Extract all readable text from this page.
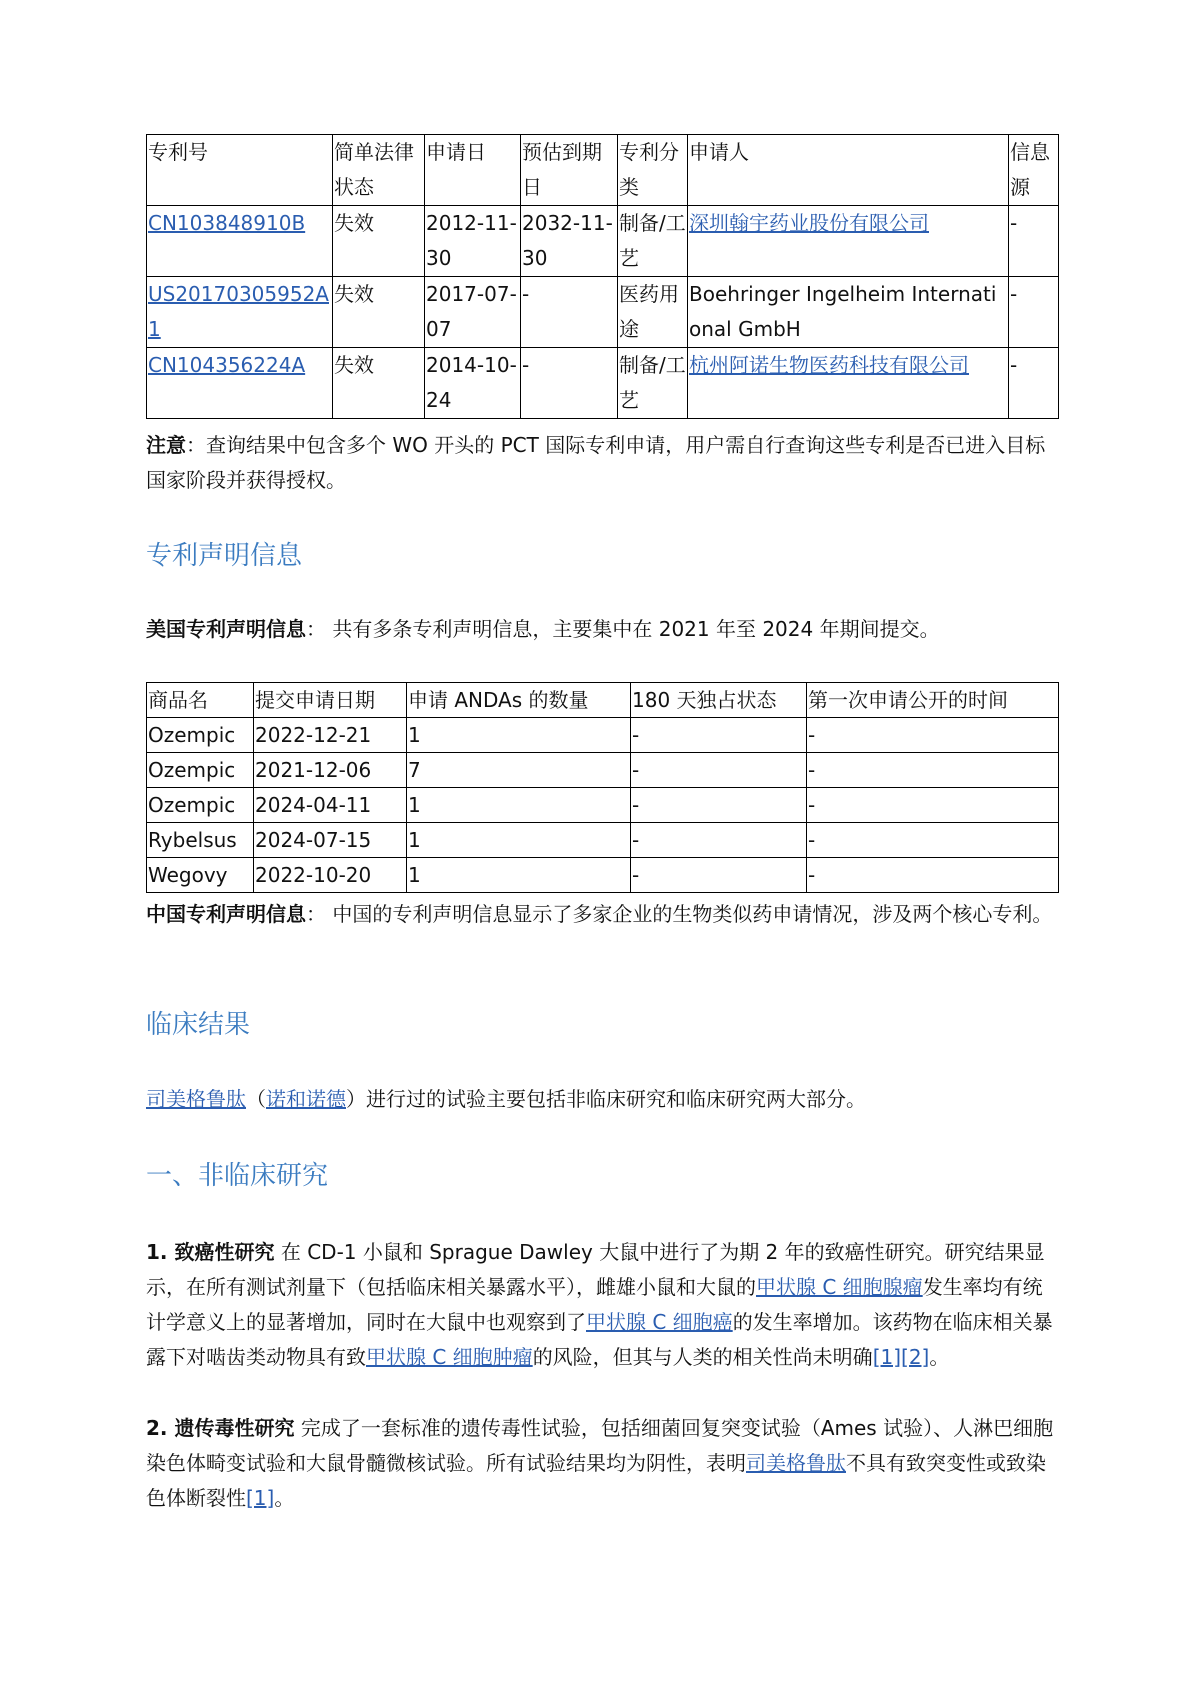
专利号	简单法律状态	申请日	预估到期日	专利分类	申请人	信息源
CN103848910B	失效	2012-11-30	2032-11-30	制备/工艺	深圳翰宇药业股份有限公司	-
US20170305952A1	失效	2017-07-07	-	医药用途	Boehringer Ingelheim International GmbH	-
CN104356224A	失效	2014-10-24	-	制备/工艺	杭州阿诺生物医药科技有限公司	-

注意：查询结果中包含多个 WO 开头的 PCT 国际专利申请，用户需自行查询这些专利是否已进入目标国家阶段并获得授权。

专利声明信息

美国专利声明信息： 共有多条专利声明信息，主要集中在 2021 年至 2024 年期间提交。

商品名	提交申请日期	申请 ANDAs 的数量	180 天独占状态	第一次申请公开的时间
Ozempic	2022-12-21	1	-	-
Ozempic	2021-12-06	7	-	-
Ozempic	2024-04-11	1	-	-
Rybelsus	2024-07-15	1	-	-
Wegovy	2022-10-20	1	-	-

中国专利声明信息： 中国的专利声明信息显示了多家企业的生物类似药申请情况，涉及两个核心专利。

临床结果

司美格鲁肽（诺和诺德）进行过的试验主要包括非临床研究和临床研究两大部分。

一、非临床研究

1. 致癌性研究 在 CD-1 小鼠和 Sprague Dawley 大鼠中进行了为期 2 年的致癌性研究。研究结果显示，在所有测试剂量下（包括临床相关暴露水平），雌雄小鼠和大鼠的甲状腺 C 细胞腺瘤发生率均有统计学意义上的显著增加，同时在大鼠中也观察到了甲状腺 C 细胞癌的发生率增加。该药物在临床相关暴露下对啮齿类动物具有致甲状腺 C 细胞肿瘤的风险，但其与人类的相关性尚未明确[1][2]。

2. 遗传毒性研究 完成了一套标准的遗传毒性试验，包括细菌回复突变试验（Ames 试验）、人淋巴细胞染色体畸变试验和大鼠骨髓微核试验。所有试验结果均为阴性，表明司美格鲁肽不具有致突变性或致染色体断裂性[1]。
